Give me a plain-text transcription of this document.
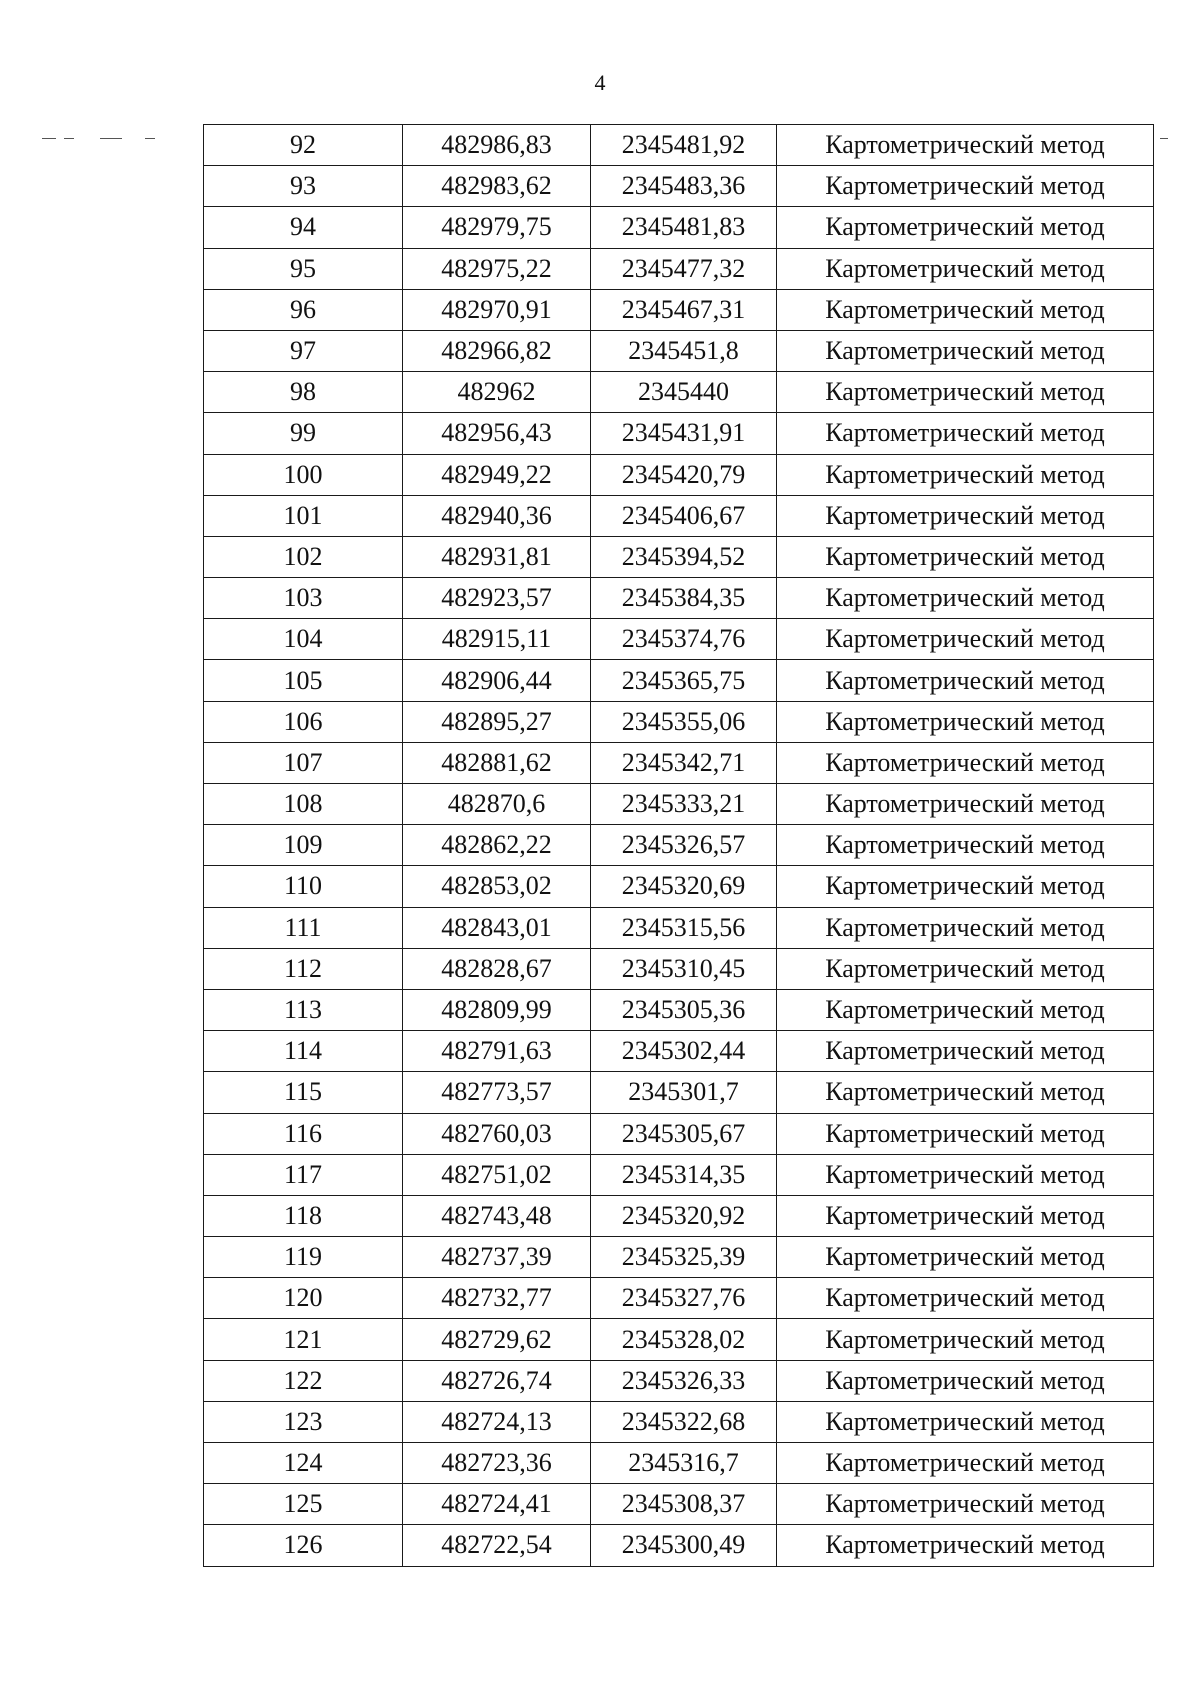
4
92	482986,83	2345481,92	Картометрический метод
93	482983,62	2345483,36	Картометрический метод
94	482979,75	2345481,83	Картометрический метод
95	482975,22	2345477,32	Картометрический метод
96	482970,91	2345467,31	Картометрический метод
97	482966,82	2345451,8	Картометрический метод
98	482962	2345440	Картометрический метод
99	482956,43	2345431,91	Картометрический метод
100	482949,22	2345420,79	Картометрический метод
101	482940,36	2345406,67	Картометрический метод
102	482931,81	2345394,52	Картометрический метод
103	482923,57	2345384,35	Картометрический метод
104	482915,11	2345374,76	Картометрический метод
105	482906,44	2345365,75	Картометрический метод
106	482895,27	2345355,06	Картометрический метод
107	482881,62	2345342,71	Картометрический метод
108	482870,6	2345333,21	Картометрический метод
109	482862,22	2345326,57	Картометрический метод
110	482853,02	2345320,69	Картометрический метод
111	482843,01	2345315,56	Картометрический метод
112	482828,67	2345310,45	Картометрический метод
113	482809,99	2345305,36	Картометрический метод
114	482791,63	2345302,44	Картометрический метод
115	482773,57	2345301,7	Картометрический метод
116	482760,03	2345305,67	Картометрический метод
117	482751,02	2345314,35	Картометрический метод
118	482743,48	2345320,92	Картометрический метод
119	482737,39	2345325,39	Картометрический метод
120	482732,77	2345327,76	Картометрический метод
121	482729,62	2345328,02	Картометрический метод
122	482726,74	2345326,33	Картометрический метод
123	482724,13	2345322,68	Картометрический метод
124	482723,36	2345316,7	Картометрический метод
125	482724,41	2345308,37	Картометрический метод
126	482722,54	2345300,49	Картометрический метод
